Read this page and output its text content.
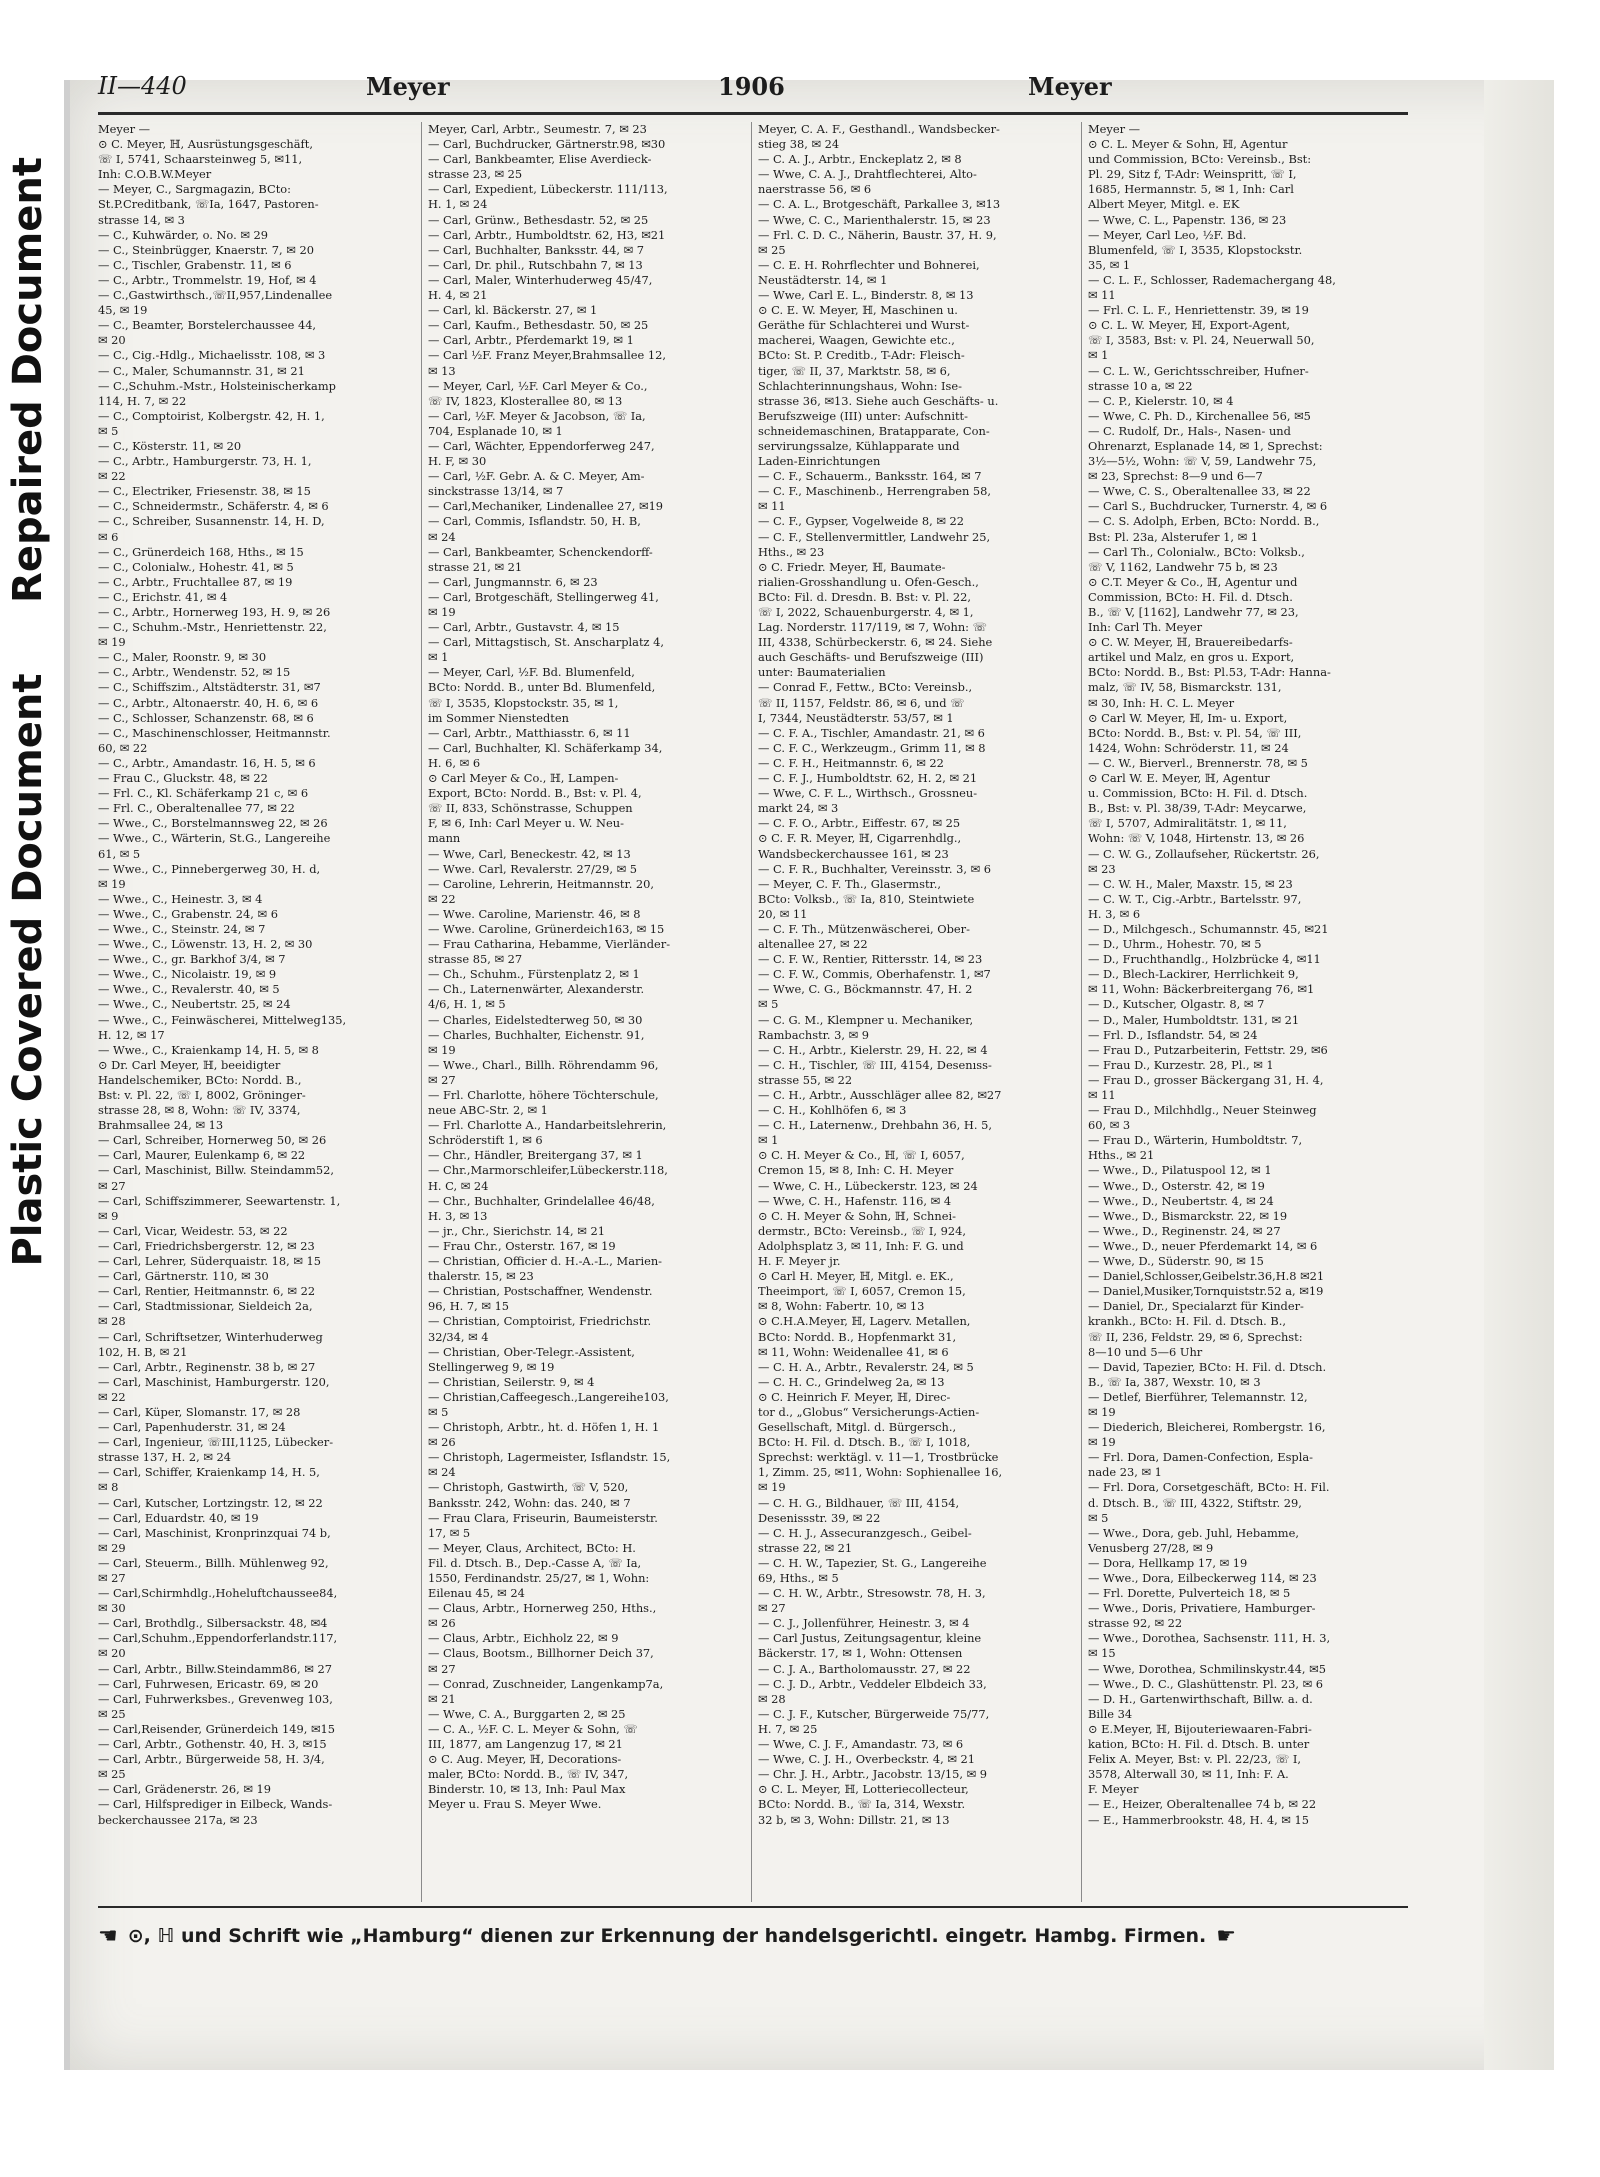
Repaired Document
Plastic Covered Document
II—440	Meyer	1906	Meyer
Meyer —
⊙ C. Meyer, ℍ, Ausrüstungsgeschäft,
☏ I, 5741, Schaarsteinweg 5, ✉11,
Inh: C.O.B.W.Meyer
— Meyer, C., Sargmagazin, BCto:
St.P.Creditbank, ☏Ia, 1647, Pastoren-
strasse 14, ✉ 3
— C., Kuhwärder, o. No. ✉ 29
— C., Steinbrügger, Knaerstr. 7, ✉ 20
— C., Tischler, Grabenstr. 11, ✉ 6
— C., Arbtr., Trommelstr. 19, Hof, ✉ 4
— C.,Gastwirthsch.,☏II,957,Lindenallee
45, ✉ 19
— C., Beamter, Borstelerchaussee 44,
✉ 20
— C., Cig.-Hdlg., Michaelisstr. 108, ✉ 3
— C., Maler, Schumannstr. 31, ✉ 21
— C.,Schuhm.-Mstr., Holsteinischerkamp
114, H. 7, ✉ 22
— C., Comptoirist, Kolbergstr. 42, H. 1,
✉ 5
— C., Kösterstr. 11, ✉ 20
— C., Arbtr., Hamburgerstr. 73, H. 1,
✉ 22
— C., Electriker, Friesenstr. 38, ✉ 15
— C., Schneidermstr., Schäferstr. 4, ✉ 6
— C., Schreiber, Susannenstr. 14, H. D,
✉ 6
— C., Grünerdeich 168, Hths., ✉ 15
— C., Colonialw., Hohestr. 41, ✉ 5
— C., Arbtr., Fruchtallee 87, ✉ 19
— C., Erichstr. 41, ✉ 4
— C., Arbtr., Hornerweg 193, H. 9, ✉ 26
— C., Schuhm.-Mstr., Henriettenstr. 22,
✉ 19
— C., Maler, Roonstr. 9, ✉ 30
— C., Arbtr., Wendenstr. 52, ✉ 15
— C., Schiffszim., Altstädterstr. 31, ✉7
— C., Arbtr., Altonaerstr. 40, H. 6, ✉ 6
— C., Schlosser, Schanzenstr. 68, ✉ 6
— C., Maschinenschlosser, Heitmannstr.
60, ✉ 22
— C., Arbtr., Amandastr. 16, H. 5, ✉ 6
— Frau C., Gluckstr. 48, ✉ 22
— Frl. C., Kl. Schäferkamp 21 c, ✉ 6
— Frl. C., Oberaltenallee 77, ✉ 22
— Wwe., C., Borstelmannsweg 22, ✉ 26
— Wwe., C., Wärterin, St.G., Langereihe
61, ✉ 5
— Wwe., C., Pinnebergerweg 30, H. d,
✉ 19
— Wwe., C., Heinestr. 3, ✉ 4
— Wwe., C., Grabenstr. 24, ✉ 6
— Wwe., C., Steinstr. 24, ✉ 7
— Wwe., C., Löwenstr. 13, H. 2, ✉ 30
— Wwe., C., gr. Barkhof 3/4, ✉ 7
— Wwe., C., Nicolaistr. 19, ✉ 9
— Wwe., C., Revalerstr. 40, ✉ 5
— Wwe., C., Neubertstr. 25, ✉ 24
— Wwe., C., Feinwäscherei, Mittelweg135,
H. 12, ✉ 17
— Wwe., C., Kraienkamp 14, H. 5, ✉ 8
⊙ Dr. Carl Meyer, ℍ, beeidigter
Handelschemiker, BCto: Nordd. B.,
Bst: v. Pl. 22, ☏ I, 8002, Gröninger-
strasse 28, ✉ 8, Wohn: ☏ IV, 3374,
Brahmsallee 24, ✉ 13
— Carl, Schreiber, Hornerweg 50, ✉ 26
— Carl, Maurer, Eulenkamp 6, ✉ 22
— Carl, Maschinist, Billw. Steindamm52,
✉ 27
— Carl, Schiffszimmerer, Seewartenstr. 1,
✉ 9
— Carl, Vicar, Weidestr. 53, ✉ 22
— Carl, Friedrichsbergerstr. 12, ✉ 23
— Carl, Lehrer, Süderquaistr. 18, ✉ 15
— Carl, Gärtnerstr. 110, ✉ 30
— Carl, Rentier, Heitmannstr. 6, ✉ 22
— Carl, Stadtmissionar, Sieldeich 2a,
✉ 28
— Carl, Schriftsetzer, Winterhuderweg
102, H. B, ✉ 21
— Carl, Arbtr., Reginenstr. 38 b, ✉ 27
— Carl, Maschinist, Hamburgerstr. 120,
✉ 22
— Carl, Küper, Slomanstr. 17, ✉ 28
— Carl, Papenhuderstr. 31, ✉ 24
— Carl, Ingenieur, ☏III,1125, Lübecker-
strasse 137, H. 2, ✉ 24
— Carl, Schiffer, Kraienkamp 14, H. 5,
✉ 8
— Carl, Kutscher, Lortzingstr. 12, ✉ 22
— Carl, Eduardstr. 40, ✉ 19
— Carl, Maschinist, Kronprinzquai 74 b,
✉ 29
— Carl, Steuerm., Billh. Mühlenweg 92,
✉ 27
— Carl,Schirmhdlg.,Hoheluftchaussee84,
✉ 30
— Carl, Brothdlg., Silbersackstr. 48, ✉4
— Carl,Schuhm.,Eppendorferlandstr.117,
✉ 20
— Carl, Arbtr., Billw.Steindamm86, ✉ 27
— Carl, Fuhrwesen, Ericastr. 69, ✉ 20
— Carl, Fuhrwerksbes., Grevenweg 103,
✉ 25
— Carl,Reisender, Grünerdeich 149, ✉15
— Carl, Arbtr., Gothenstr. 40, H. 3, ✉15
— Carl, Arbtr., Bürgerweide 58, H. 3/4,
✉ 25
— Carl, Grädenerstr. 26, ✉ 19
— Carl, Hilfsprediger in Eilbeck, Wands-
beckerchaussee 217a, ✉ 23
Meyer, Carl, Arbtr., Seumestr. 7, ✉ 23
— Carl, Buchdrucker, Gärtnerstr.98, ✉30
— Carl, Bankbeamter, Elise Averdieck-
strasse 23, ✉ 25
— Carl, Expedient, Lübeckerstr. 111/113,
H. 1, ✉ 24
— Carl, Grünw., Bethesdastr. 52, ✉ 25
— Carl, Arbtr., Humboldtstr. 62, H3, ✉21
— Carl, Buchhalter, Banksstr. 44, ✉ 7
— Carl, Dr. phil., Rutschbahn 7, ✉ 13
— Carl, Maler, Winterhuderweg 45/47,
H. 4, ✉ 21
— Carl, kl. Bäckerstr. 27, ✉ 1
— Carl, Kaufm., Bethesdastr. 50, ✉ 25
— Carl, Arbtr., Pferdemarkt 19, ✉ 1
— Carl ½F. Franz Meyer,Brahmsallee 12,
✉ 13
— Meyer, Carl, ½F. Carl Meyer & Co.,
☏ IV, 1823, Klosterallee 80, ✉ 13
— Carl, ½F. Meyer & Jacobson, ☏ Ia,
704, Esplanade 10, ✉ 1
— Carl, Wächter, Eppendorferweg 247,
H. F, ✉ 30
— Carl, ½F. Gebr. A. & C. Meyer, Am-
sinckstrasse 13/14, ✉ 7
— Carl,Mechaniker, Lindenallee 27, ✉19
— Carl, Commis, Isflandstr. 50, H. B,
✉ 24
— Carl, Bankbeamter, Schenckendorff-
strasse 21, ✉ 21
— Carl, Jungmannstr. 6, ✉ 23
— Carl, Brotgeschäft, Stellingerweg 41,
✉ 19
— Carl, Arbtr., Gustavstr. 4, ✉ 15
— Carl, Mittagstisch, St. Anscharplatz 4,
✉ 1
— Meyer, Carl, ½F. Bd. Blumenfeld,
BCto: Nordd. B., unter Bd. Blumenfeld,
☏ I, 3535, Klopstockstr. 35, ✉ 1,
im Sommer Nienstedten
— Carl, Arbtr., Matthiasstr. 6, ✉ 11
— Carl, Buchhalter, Kl. Schäferkamp 34,
H. 6, ✉ 6
⊙ Carl Meyer & Co., ℍ, Lampen-
Export, BCto: Nordd. B., Bst: v. Pl. 4,
☏ II, 833, Schönstrasse, Schuppen
F, ✉ 6, Inh: Carl Meyer u. W. Neu-
mann
— Wwe, Carl, Beneckestr. 42, ✉ 13
— Wwe. Carl, Revalerstr. 27/29, ✉ 5
— Caroline, Lehrerin, Heitmannstr. 20,
✉ 22
— Wwe. Caroline, Marienstr. 46, ✉ 8
— Wwe. Caroline, Grünerdeich163, ✉ 15
— Frau Catharina, Hebamme, Vierländer-
strasse 85, ✉ 27
— Ch., Schuhm., Fürstenplatz 2, ✉ 1
— Ch., Laternenwärter, Alexanderstr.
4/6, H. 1, ✉ 5
— Charles, Eidelstedterweg 50, ✉ 30
— Charles, Buchhalter, Eichenstr. 91,
✉ 19
— Wwe., Charl., Billh. Röhrendamm 96,
✉ 27
— Frl. Charlotte, höhere Töchterschule,
neue ABC-Str. 2, ✉ 1
— Frl. Charlotte A., Handarbeitslehrerin,
Schröderstift 1, ✉ 6
— Chr., Händler, Breitergang 37, ✉ 1
— Chr.,Marmorschleifer,Lübeckerstr.118,
H. C, ✉ 24
— Chr., Buchhalter, Grindelallee 46/48,
H. 3, ✉ 13
— jr., Chr., Sierichstr. 14, ✉ 21
— Frau Chr., Osterstr. 167, ✉ 19
— Christian, Officier d. H.-A.-L., Marien-
thalerstr. 15, ✉ 23
— Christian, Postschaffner, Wendenstr.
96, H. 7, ✉ 15
— Christian, Comptoirist, Friedrichstr.
32/34, ✉ 4
— Christian, Ober-Telegr.-Assistent,
Stellingerweg 9, ✉ 19
— Christian, Seilerstr. 9, ✉ 4
— Christian,Caffeegesch.,Langereihe103,
✉ 5
— Christoph, Arbtr., ht. d. Höfen 1, H. 1
✉ 26
— Christoph, Lagermeister, Isflandstr. 15,
✉ 24
— Christoph, Gastwirth, ☏ V, 520,
Banksstr. 242, Wohn: das. 240, ✉ 7
— Frau Clara, Friseurin, Baumeisterstr.
17, ✉ 5
— Meyer, Claus, Architect, BCto: H.
Fil. d. Dtsch. B., Dep.-Casse A, ☏ Ia,
1550, Ferdinandstr. 25/27, ✉ 1, Wohn:
Eilenau 45, ✉ 24
— Claus, Arbtr., Hornerweg 250, Hths.,
✉ 26
— Claus, Arbtr., Eichholz 22, ✉ 9
— Claus, Bootsm., Billhorner Deich 37,
✉ 27
— Conrad, Zuschneider, Langenkamp7a,
✉ 21
— Wwe, C. A., Burggarten 2, ✉ 25
— C. A., ½F. C. L. Meyer & Sohn, ☏
III, 1877, am Langenzug 17, ✉ 21
⊙ C. Aug. Meyer, ℍ, Decorations-
maler, BCto: Nordd. B., ☏ IV, 347,
Binderstr. 10, ✉ 13, Inh: Paul Max
Meyer u. Frau S. Meyer Wwe.
Meyer, C. A. F., Gesthandl., Wandsbecker-
stieg 38, ✉ 24
— C. A. J., Arbtr., Enckeplatz 2, ✉ 8
— Wwe, C. A. J., Drahtflechterei, Alto-
naerstrasse 56, ✉ 6
— C. A. L., Brotgeschäft, Parkallee 3, ✉13
— Wwe, C. C., Marienthalerstr. 15, ✉ 23
— Frl. C. D. C., Näherin, Baustr. 37, H. 9,
✉ 25
— C. E. H. Rohrflechter und Bohnerei,
Neustädterstr. 14, ✉ 1
— Wwe, Carl E. L., Binderstr. 8, ✉ 13
⊙ C. E. W. Meyer, ℍ, Maschinen u.
Geräthe für Schlachterei und Wurst-
macherei, Waagen, Gewichte etc.,
BCto: St. P. Creditb., T-Adr: Fleisch-
tiger, ☏ II, 37, Marktstr. 58, ✉ 6,
Schlachterinnungshaus, Wohn: Ise-
strasse 36, ✉13. Siehe auch Geschäfts- u.
Berufszweige (III) unter: Aufschnitt-
schneidemaschinen, Bratapparate, Con-
servirungssalze, Kühlapparate und
Laden-Einrichtungen
— C. F., Schauerm., Banksstr. 164, ✉ 7
— C. F., Maschinenb., Herrengraben 58,
✉ 11
— C. F., Gypser, Vogelweide 8, ✉ 22
— C. F., Stellenvermittler, Landwehr 25,
Hths., ✉ 23
⊙ C. Friedr. Meyer, ℍ, Baumate-
rialien-Grosshandlung u. Ofen-Gesch.,
BCto: Fil. d. Dresdn. B. Bst: v. Pl. 22,
☏ I, 2022, Schauenburgerstr. 4, ✉ 1,
Lag. Norderstr. 117/119, ✉ 7, Wohn: ☏
III, 4338, Schürbeckerstr. 6, ✉ 24. Siehe
auch Geschäfts- und Berufszweige (III)
unter: Baumaterialien
— Conrad F., Fettw., BCto: Vereinsb.,
☏ II, 1157, Feldstr. 86, ✉ 6, und ☏
I, 7344, Neustädterstr. 53/57, ✉ 1
— C. F. A., Tischler, Amandastr. 21, ✉ 6
— C. F. C., Werkzeugm., Grimm 11, ✉ 8
— C. F. H., Heitmannstr. 6, ✉ 22
— C. F. J., Humboldtstr. 62, H. 2, ✉ 21
— Wwe, C. F. L., Wirthsch., Grossneu-
markt 24, ✉ 3
— C. F. O., Arbtr., Eiffestr. 67, ✉ 25
⊙ C. F. R. Meyer, ℍ, Cigarrenhdlg.,
Wandsbeckerchaussee 161, ✉ 23
— C. F. R., Buchhalter, Vereinsstr. 3, ✉ 6
— Meyer, C. F. Th., Glasermstr.,
BCto: Volksb., ☏ Ia, 810, Steintwiete
20, ✉ 11
— C. F. Th., Mützenwäscherei, Ober-
altenallee 27, ✉ 22
— C. F. W., Rentier, Rittersstr. 14, ✉ 23
— C. F. W., Commis, Oberhafenstr. 1, ✉7
— Wwe, C. G., Böckmannstr. 47, H. 2
✉ 5
— C. G. M., Klempner u. Mechaniker,
Rambachstr. 3, ✉ 9
— C. H., Arbtr., Kielerstr. 29, H. 22, ✉ 4
— C. H., Tischler, ☏ III, 4154, Desenıss-
strasse 55, ✉ 22
— C. H., Arbtr., Ausschläger allee 82, ✉27
— C. H., Kohlhöfen 6, ✉ 3
— C. H., Laternenw., Drehbahn 36, H. 5,
✉ 1
⊙ C. H. Meyer & Co., ℍ, ☏ I, 6057,
Cremon 15, ✉ 8, Inh: C. H. Meyer
— Wwe, C. H., Lübeckerstr. 123, ✉ 24
— Wwe, C. H., Hafenstr. 116, ✉ 4
⊙ C. H. Meyer & Sohn, ℍ, Schnei-
dermstr., BCto: Vereinsb., ☏ I, 924,
Adolphsplatz 3, ✉ 11, Inh: F. G. und
H. F. Meyer jr.
⊙ Carl H. Meyer, ℍ, Mitgl. e. EK.,
Theeimport, ☏ I, 6057, Cremon 15,
✉ 8, Wohn: Fabertr. 10, ✉ 13
⊙ C.H.A.Meyer, ℍ, Lagerv. Metallen,
BCto: Nordd. B., Hopfenmarkt 31,
✉ 11, Wohn: Weidenallee 41, ✉ 6
— C. H. A., Arbtr., Revalerstr. 24, ✉ 5
— C. H. C., Grindelweg 2a, ✉ 13
⊙ C. Heinrich F. Meyer, ℍ, Direc-
tor d., „Globus“ Versicherungs-Actien-
Gesellschaft, Mitgl. d. Bürgersch.,
BCto: H. Fil. d. Dtsch. B., ☏ I, 1018,
Sprechst: werktägl. v. 11—1, Trostbrücke
1, Zimm. 25, ✉11, Wohn: Sophienallee 16,
✉ 19
— C. H. G., Bildhauer, ☏ III, 4154,
Desenissstr. 39, ✉ 22
— C. H. J., Assecuranzgesch., Geibel-
strasse 22, ✉ 21
— C. H. W., Tapezier, St. G., Langereihe
69, Hths., ✉ 5
— C. H. W., Arbtr., Stresowstr. 78, H. 3,
✉ 27
— C. J., Jollenführer, Heinestr. 3, ✉ 4
— Carl Justus, Zeitungsagentur, kleine
Bäckerstr. 17, ✉ 1, Wohn: Ottensen
— C. J. A., Bartholomausstr. 27, ✉ 22
— C. J. D., Arbtr., Veddeler Elbdeich 33,
✉ 28
— C. J. F., Kutscher, Bürgerweide 75/77,
H. 7, ✉ 25
— Wwe, C. J. F., Amandastr. 73, ✉ 6
— Wwe, C. J. H., Overbeckstr. 4, ✉ 21
— Chr. J. H., Arbtr., Jacobstr. 13/15, ✉ 9
⊙ C. L. Meyer, ℍ, Lotteriecollecteur,
BCto: Nordd. B., ☏ Ia, 314, Wexstr.
32 b, ✉ 3, Wohn: Dillstr. 21, ✉ 13
Meyer —
⊙ C. L. Meyer & Sohn, ℍ, Agentur
und Commission, BCto: Vereinsb., Bst:
Pl. 29, Sitz f, T-Adr: Weinspritt, ☏ I,
1685, Hermannstr. 5, ✉ 1, Inh: Carl
Albert Meyer, Mitgl. e. EK
— Wwe, C. L., Papenstr. 136, ✉ 23
— Meyer, Carl Leo, ½F. Bd.
Blumenfeld, ☏ I, 3535, Klopstockstr.
35, ✉ 1
— C. L. F., Schlosser, Rademachergang 48,
✉ 11
— Frl. C. L. F., Henriettenstr. 39, ✉ 19
⊙ C. L. W. Meyer, ℍ, Export-Agent,
☏ I, 3583, Bst: v. Pl. 24, Neuerwall 50,
✉ 1
— C. L. W., Gerichtsschreiber, Hufner-
strasse 10 a, ✉ 22
— C. P., Kielerstr. 10, ✉ 4
— Wwe, C. Ph. D., Kirchenallee 56, ✉5
— C. Rudolf, Dr., Hals-, Nasen- und
Ohrenarzt, Esplanade 14, ✉ 1, Sprechst:
3½—5½, Wohn: ☏ V, 59, Landwehr 75,
✉ 23, Sprechst: 8—9 und 6—7
— Wwe, C. S., Oberaltenallee 33, ✉ 22
— Carl S., Buchdrucker, Turnerstr. 4, ✉ 6
— C. S. Adolph, Erben, BCto: Nordd. B.,
Bst: Pl. 23a, Alsterufer 1, ✉ 1
— Carl Th., Colonialw., BCto: Volksb.,
☏ V, 1162, Landwehr 75 b, ✉ 23
⊙ C.T. Meyer & Co., ℍ, Agentur und
Commission, BCto: H. Fil. d. Dtsch.
B., ☏ V, [1162], Landwehr 77, ✉ 23,
Inh: Carl Th. Meyer
⊙ C. W. Meyer, ℍ, Brauereibedarfs-
artikel und Malz, en gros u. Export,
BCto: Nordd. B., Bst: Pl.53, T-Adr: Hanna-
malz, ☏ IV, 58, Bismarckstr. 131,
✉ 30, Inh: H. C. L. Meyer
⊙ Carl W. Meyer, ℍ, Im- u. Export,
BCto: Nordd. B., Bst: v. Pl. 54, ☏ III,
1424, Wohn: Schröderstr. 11, ✉ 24
— C. W., Bierverl., Brennerstr. 78, ✉ 5
⊙ Carl W. E. Meyer, ℍ, Agentur
u. Commission, BCto: H. Fil. d. Dtsch.
B., Bst: v. Pl. 38/39, T-Adr: Meycarwe,
☏ I, 5707, Admiralitätstr. 1, ✉ 11,
Wohn: ☏ V, 1048, Hirtenstr. 13, ✉ 26
— C. W. G., Zollaufseher, Rückertstr. 26,
✉ 23
— C. W. H., Maler, Maxstr. 15, ✉ 23
— C. W. T., Cig.-Arbtr., Bartelsstr. 97,
H. 3, ✉ 6
— D., Milchgesch., Schumannstr. 45, ✉21
— D., Uhrm., Hohestr. 70, ✉ 5
— D., Fruchthandlg., Holzbrücke 4, ✉11
— D., Blech-Lackirer, Herrlichkeit 9,
✉ 11, Wohn: Bäckerbreitergang 76, ✉1
— D., Kutscher, Olgastr. 8, ✉ 7
— D., Maler, Humboldtstr. 131, ✉ 21
— Frl. D., Isflandstr. 54, ✉ 24
— Frau D., Putzarbeiterin, Fettstr. 29, ✉6
— Frau D., Kurzestr. 28, Pl., ✉ 1
— Frau D., grosser Bäckergang 31, H. 4,
✉ 11
— Frau D., Milchhdlg., Neuer Steinweg
60, ✉ 3
— Frau D., Wärterin, Humboldtstr. 7,
Hths., ✉ 21
— Wwe., D., Pilatuspool 12, ✉ 1
— Wwe., D., Osterstr. 42, ✉ 19
— Wwe., D., Neubertstr. 4, ✉ 24
— Wwe., D., Bismarckstr. 22, ✉ 19
— Wwe., D., Reginenstr. 24, ✉ 27
— Wwe., D., neuer Pferdemarkt 14, ✉ 6
— Wwe, D., Süderstr. 90, ✉ 15
— Daniel,Schlosser,Geibelstr.36,H.8 ✉21
— Daniel,Musiker,Tornquiststr.52 a, ✉19
— Daniel, Dr., Specialarzt für Kinder-
krankh., BCto: H. Fil. d. Dtsch. B.,
☏ II, 236, Feldstr. 29, ✉ 6, Sprechst:
8—10 und 5—6 Uhr
— David, Tapezier, BCto: H. Fil. d. Dtsch.
B., ☏ Ia, 387, Wexstr. 10, ✉ 3
— Detlef, Bierführer, Telemannstr. 12,
✉ 19
— Diederich, Bleicherei, Rombergstr. 16,
✉ 19
— Frl. Dora, Damen-Confection, Espla-
nade 23, ✉ 1
— Frl. Dora, Corsetgeschäft, BCto: H. Fil.
d. Dtsch. B., ☏ III, 4322, Stiftstr. 29,
✉ 5
— Wwe., Dora, geb. Juhl, Hebamme,
Venusberg 27/28, ✉ 9
— Dora, Hellkamp 17, ✉ 19
— Wwe., Dora, Eilbeckerweg 114, ✉ 23
— Frl. Dorette, Pulverteich 18, ✉ 5
— Wwe., Doris, Privatiere, Hamburger-
strasse 92, ✉ 22
— Wwe., Dorothea, Sachsenstr. 111, H. 3,
✉ 15
— Wwe, Dorothea, Schmilinskystr.44, ✉5
— Wwe., D. C., Glashüttenstr. Pl. 23, ✉ 6
— D. H., Gartenwirthschaft, Billw. a. d.
Bille 34
⊙ E.Meyer, ℍ, Bijouteriewaaren-Fabri-
kation, BCto: H. Fil. d. Dtsch. B. unter
Felix A. Meyer, Bst: v. Pl. 22/23, ☏ I,
3578, Alterwall 30, ✉ 11, Inh: F. A.
F. Meyer
— E., Heizer, Oberaltenallee 74 b, ✉ 22
— E., Hammerbrookstr. 48, H. 4, ✉ 15
☛ ⊙, ℍ und Schrift wie „Hamburg“ dienen zur Erkennung der handelsgerichtl. eingetr. Hambg. Firmen. ☛
